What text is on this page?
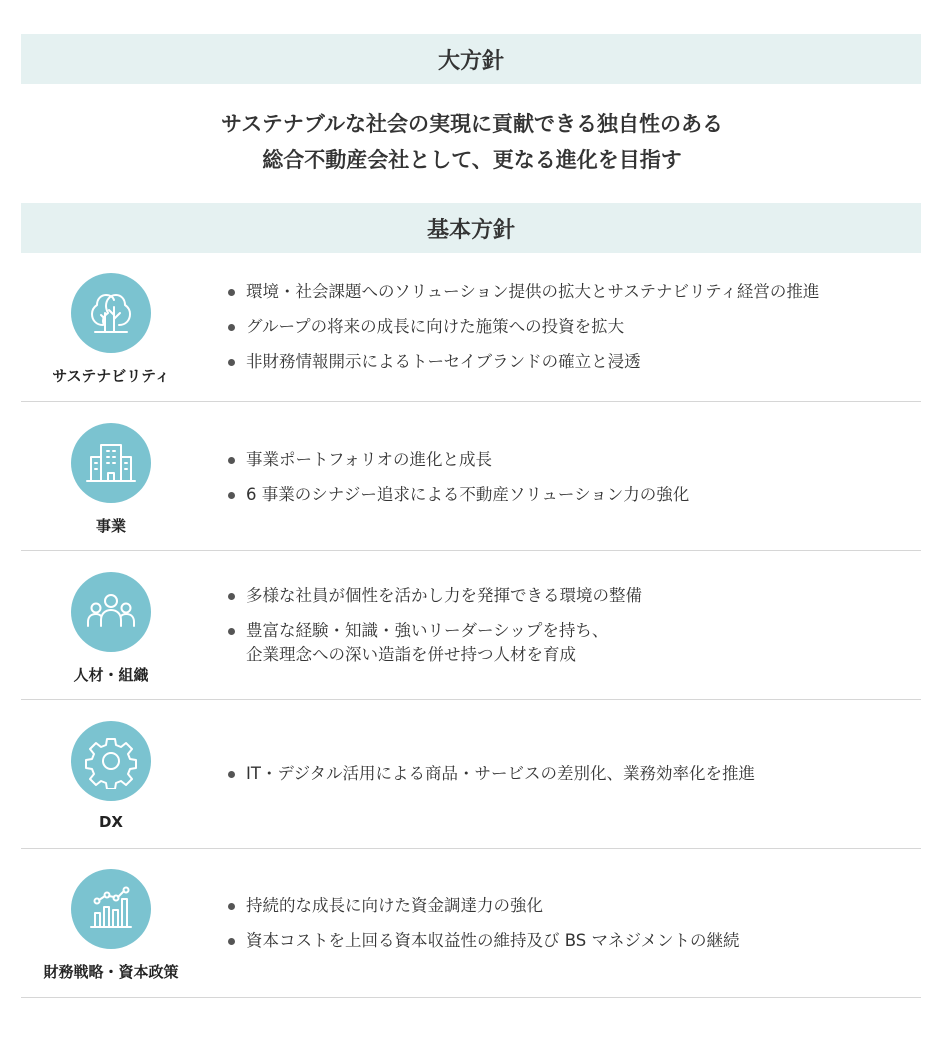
大方針
サステナブルな社会の実現に貢献できる独自性のある
総合不動産会社として、更なる進化を目指す
基本方針
サステナビリティ
環境・社会課題へのソリューション提供の拡大とサステナビリティ経営の推進
グループの将来の成長に向けた施策への投資を拡大
非財務情報開示によるトーセイブランドの確立と浸透
事業
事業ポートフォリオの進化と成長
6 事業のシナジー追求による不動産ソリューション力の強化
人材・組織
多様な社員が個性を活かし力を発揮できる環境の整備
豊富な経験・知識・強いリーダーシップを持ち、
企業理念への深い造詣を併せ持つ人材を育成
DX
IT・デジタル活用による商品・サービスの差別化、業務効率化を推進
財務戦略・資本政策
持続的な成長に向けた資金調達力の強化
資本コストを上回る資本収益性の維持及び BS マネジメントの継続
